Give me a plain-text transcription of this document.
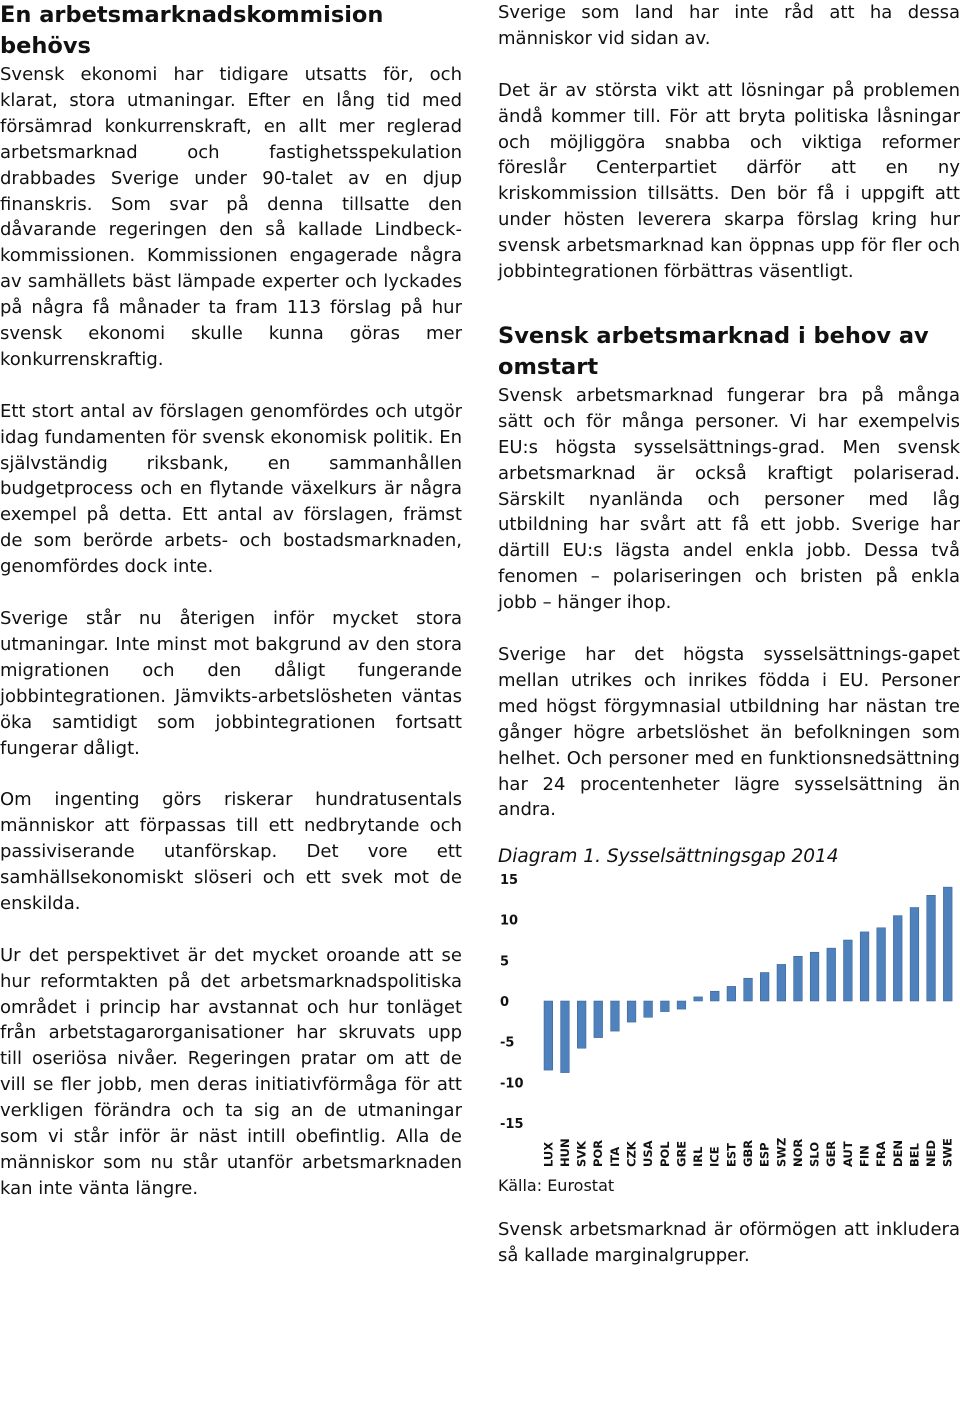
En arbetsmarknadskommision behövs

Svensk ekonomi har tidigare utsatts för, och klarat, stora utmaningar. Efter en lång tid med försämrad konkurrenskraft, en allt mer reglerad arbetsmarknad och fastighetsspekulation drabbades Sverige under 90-talet av en djup finanskris. Som svar på denna tillsatte den dåvarande regeringen den så kallade Lindbeck-kommissionen. Kommissionen engagerade några av samhällets bäst lämpade experter och lyckades på några få månader ta fram 113 förslag på hur svensk ekonomi skulle kunna göras mer konkurrenskraftig.

Ett stort antal av förslagen genomfördes och utgör idag fundamenten för svensk ekonomisk politik. En självständig riksbank, en sammanhållen budgetprocess och en flytande växelkurs är några exempel på detta. Ett antal av förslagen, främst de som berörde arbets- och bostadsmarknaden, genomfördes dock inte.

Sverige står nu återigen inför mycket stora utmaningar. Inte minst mot bakgrund av den stora migrationen och den dåligt fungerande jobbintegrationen. Jämvikts-arbetslösheten väntas öka samtidigt som jobbintegrationen fortsatt fungerar dåligt.

Om ingenting görs riskerar hundratusentals människor att förpassas till ett nedbrytande och passiviserande utanförskap. Det vore ett samhällsekonomiskt slöseri och ett svek mot de enskilda.

Ur det perspektivet är det mycket oroande att se hur reformtakten på det arbetsmarknadspolitiska området i princip har avstannat och hur tonläget från arbetstagarorganisationer har skruvats upp till oseriösa nivåer. Regeringen pratar om att de vill se fler jobb, men deras initiativförmåga för att verkligen förändra och ta sig an de utmaningar som vi står inför är näst intill obefintlig. Alla de människor som nu står utanför arbetsmarknaden kan inte vänta längre.

Sverige som land har inte råd att ha dessa människor vid sidan av.

Det är av största vikt att lösningar på problemen ändå kommer till. För att bryta politiska låsningar och möjliggöra snabba och viktiga reformer föreslår Centerpartiet därför att en ny kriskommission tillsätts. Den bör få i uppgift att under hösten leverera skarpa förslag kring hur svensk arbetsmarknad kan öppnas upp för fler och jobbintegrationen förbättras väsentligt.

Svensk arbetsmarknad i behov av omstart

Svensk arbetsmarknad fungerar bra på många sätt och för många personer. Vi har exempelvis EU:s högsta sysselsättnings-grad. Men svensk arbetsmarknad är också kraftigt polariserad. Särskilt nyanlända och personer med låg utbildning har svårt att få ett jobb. Sverige har därtill EU:s lägsta andel enkla jobb. Dessa två fenomen – polariseringen och bristen på enkla jobb – hänger ihop.

Sverige har det högsta sysselsättnings-gapet mellan utrikes och inrikes födda i EU. Personer med högst förgymnasial utbildning har nästan tre gånger högre arbetslöshet än befolkningen som helhet. Och personer med en funktionsnedsättning har 24 procentenheter lägre sysselsättning än andra.

Diagram 1. Sysselsättningsgap 2014
15
10
5
0
-5
-10
-15
LUX HUN SVK POR ITA CZK USA POL GRE IRL ICE EST GBR ESP SWZ NOR SLO GER AUT FIN FRA DEN BEL NED SWE
Källa: Eurostat

Svensk arbetsmarknad är oförmögen att inkludera så kallade marginalgrupper.
